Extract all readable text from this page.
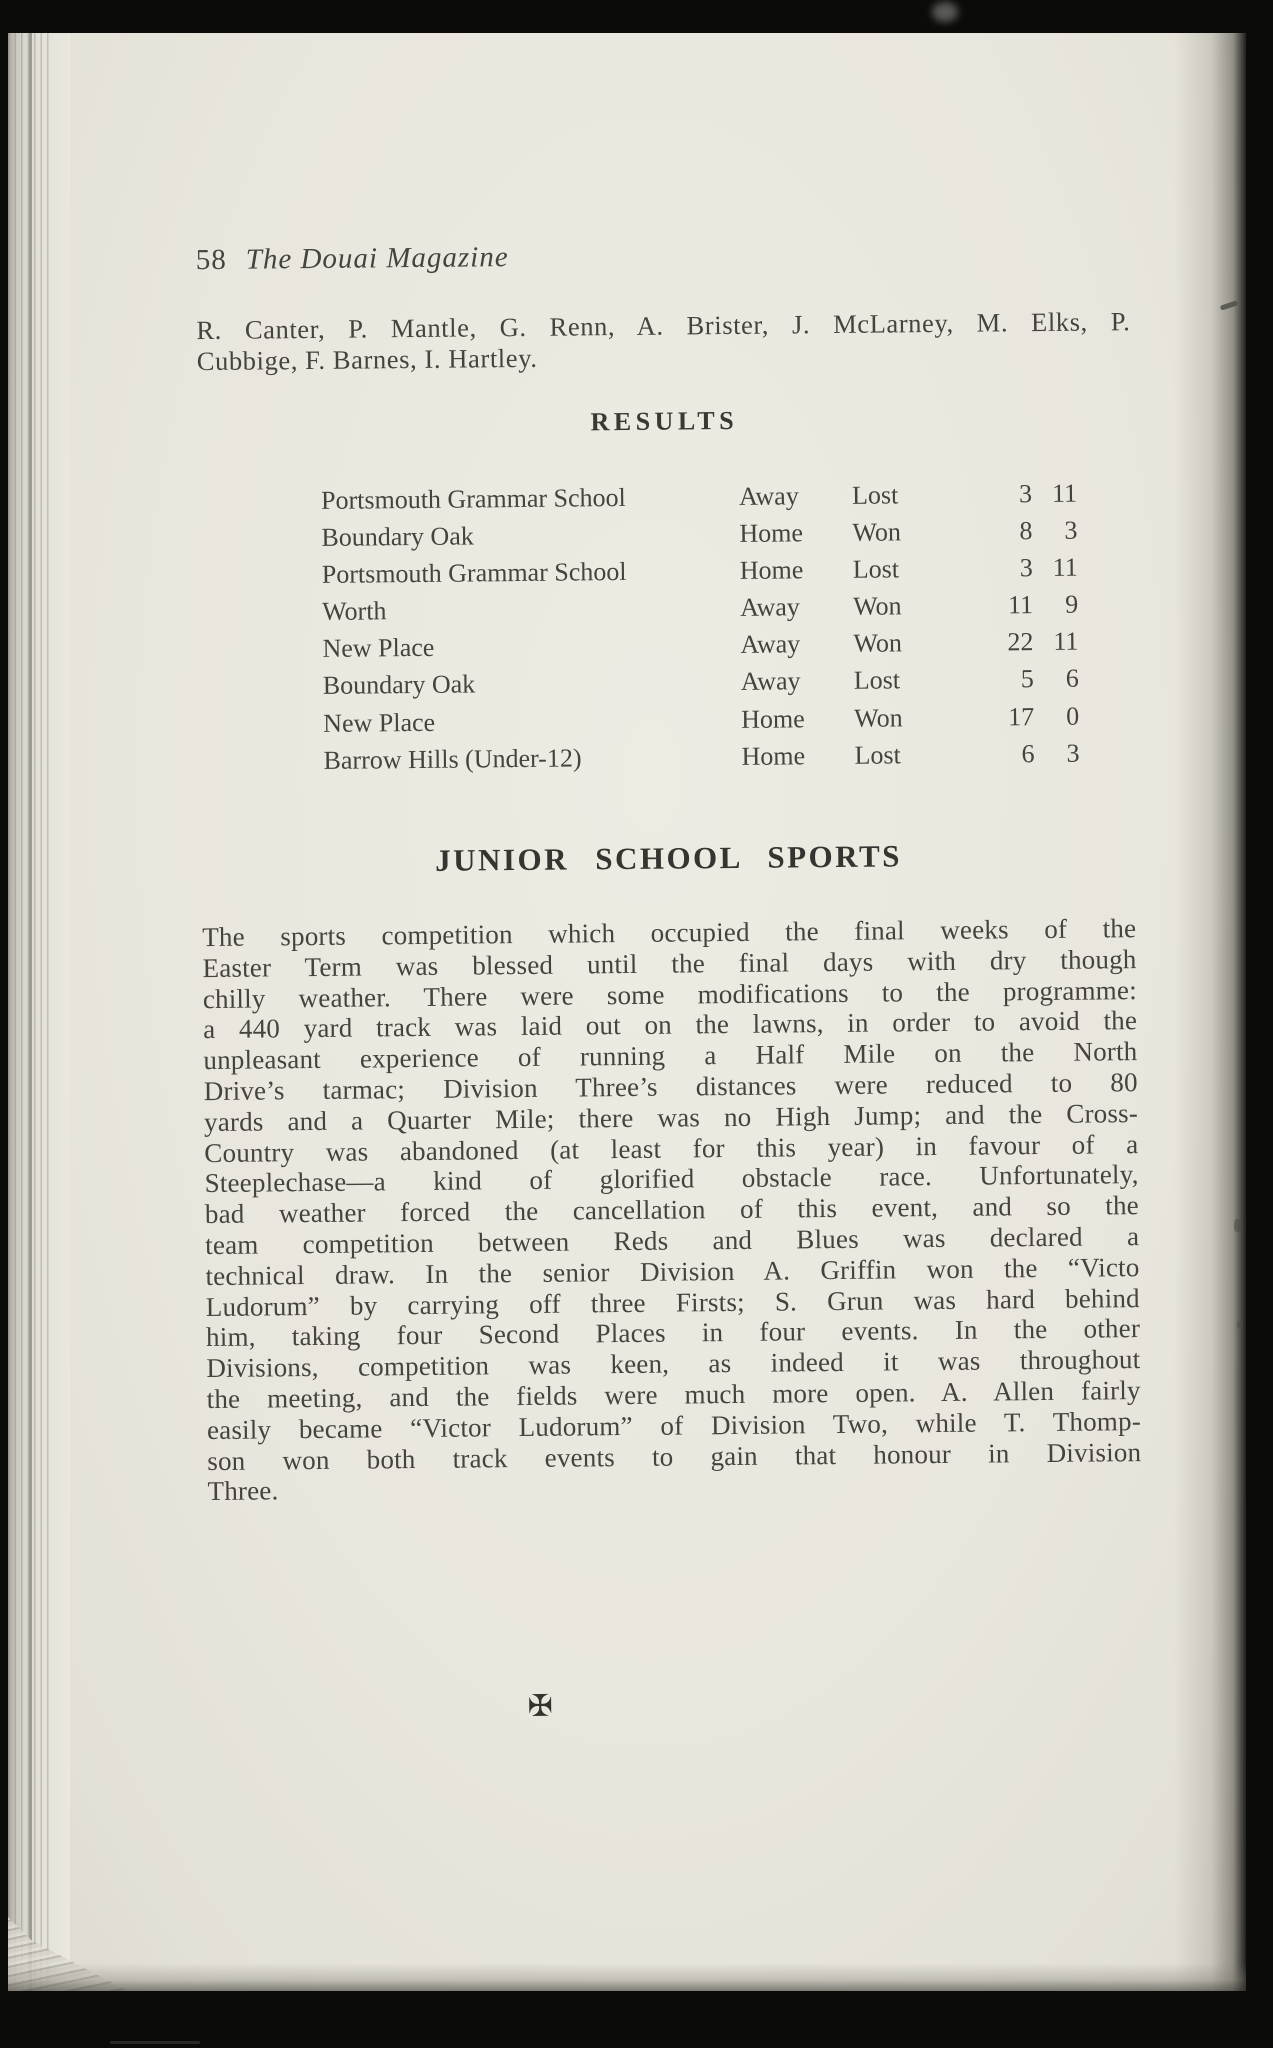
58 The Douai Magazine
R. Canter, P. Mantle, G. Renn, A. Brister, J. McLarney, M. Elks, P.
Cubbige, F. Barnes, I. Hartley.
RESULTS
Portsmouth Grammar School	Away	Lost	3 11
Boundary Oak	Home	Won	8	3
Portsmouth Grammar School	Home	Lost	3 11
Worth	Away	Won	11	9
New Place	Away	Won	22 11
Boundary Oak	Away	Lost	5	6
New Place	Home	Won	17	0
Barrow Hills (Under-12)	Home	Lost	6	3
JUNIOR SCHOOL SPORTS
The sports competition which occupied the final weeks of the
Easter Term was blessed until the final days with dry though
chilly weather. There were some modifications to the programme:
a 440 yard track was laid out on the lawns, in order to avoid the
unpleasant experience of running a Half Mile on the North
Drive’s tarmac; Division Three’s distances were reduced to 80
yards and a Quarter Mile; there was no High Jump; and the Cross-
Country was abandoned (at least for this year) in favour of a
Steeplechase—a kind of glorified obstacle race. Unfortunately,
bad weather forced the cancellation of this event, and so the
team competition between Reds and Blues was declared a
technical draw. In the senior Division A. Griffin won the “Victo
Ludorum” by carrying off three Firsts; S. Grun was hard behind
him, taking four Second Places in four events. In the other
Divisions, competition was keen, as indeed it was throughout
the meeting, and the fields were much more open. A. Allen fairly
easily became “Victor Ludorum” of Division Two, while T. Thomp-
son won both track events to gain that honour in Division
Three.
✠
